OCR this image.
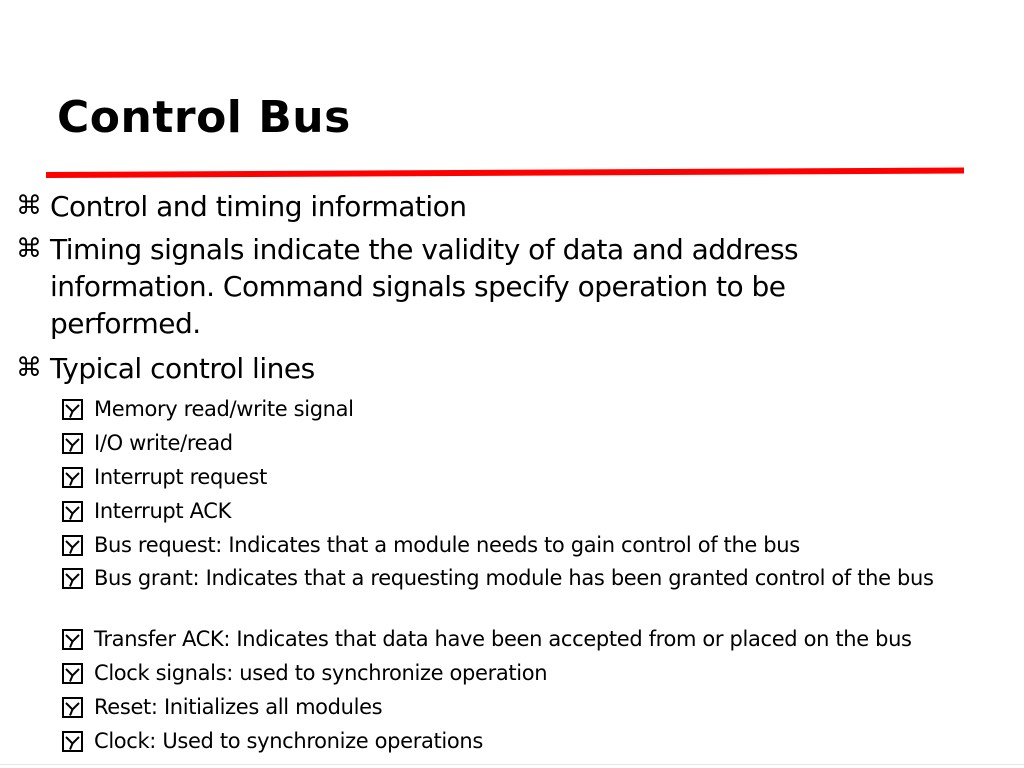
Control Bus
⌘ Control and timing information
⌘ Timing signals indicate the validity of data and address information. Command signals specify operation to be performed.
⌘ Typical control lines
Memory read/write signal
I/O write/read
Interrupt request
Interrupt ACK
Bus request: Indicates that a module needs to gain control of the bus
Bus grant: Indicates that a requesting module has been granted control of the bus
Transfer ACK: Indicates that data have been accepted from or placed on the bus
Clock signals: used to synchronize operation
Reset: Initializes all modules
Clock: Used to synchronize operations
